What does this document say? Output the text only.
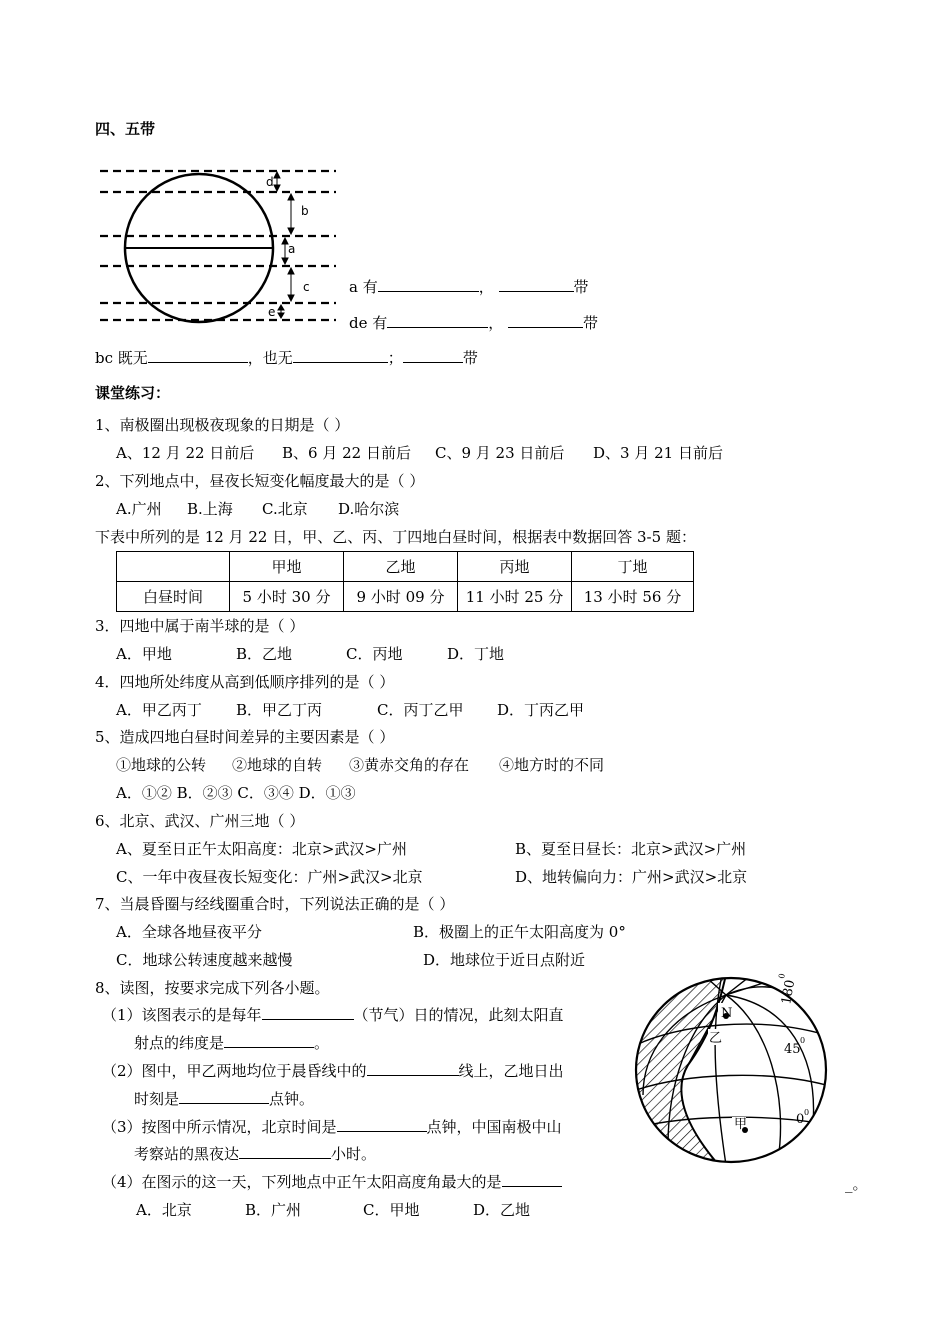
四、五带
d
b
a
c
e
a 有	，	带
de 有	，	带
bc 既无	，也无	；	带
课堂练习：
1、南极圈出现极夜现象的日期是（ ）
A、12 月 22 日前后 B、6 月 22 日前后 C、9 月 23 日前后 D、3 月 21 日前后
2、下列地点中，昼夜长短变化幅度最大的是（ ）
A.广州 B.上海 C.北京 D.哈尔滨
下表中所列的是 12 月 22 日，甲、乙、丙、丁四地白昼时间，根据表中数据回答 3-5 题：
	甲地	乙地	丙地	丁地
白昼时间	5 小时 30 分	9 小时 09 分	11 小时 25 分	13 小时 56 分
3．四地中属于南半球的是（ ）
A．甲地	B．乙地	C．丙地	D．丁地
4．四地所处纬度从高到低顺序排列的是（ ）
A．甲乙丙丁 B．甲乙丁丙	C．丙丁乙甲 D．丁丙乙甲
5、造成四地白昼时间差异的主要因素是（ ）
①地球的公转 ②地球的自转 ③黄赤交角的存在 ④地方时的不同
A．①② B．②③ C．③④ D．①③
6、北京、武汉、广州三地（ ）
A、夏至日正午太阳高度：北京>武汉>广州	B、夏至日昼长：北京>武汉>广州
C、一年中夜昼夜长短变化：广州>武汉>北京	D、地转偏向力：广州>武汉>北京
7、当晨昏圈与经线圈重合时，下列说法正确的是（ ）
A．全球各地昼夜平分	B．极圈上的正午太阳高度为 0°
C．地球公转速度越来越慢	D．地球位于近日点附近
8、读图，按要求完成下列各小题。
（1）该图表示的是每年	（节气）日的情况，此刻太阳直
射点的纬度是	。
（2）图中，甲乙两地均位于晨昏线中的	线上，乙地日出
时刻是	点钟。
（3）按图中所示情况，北京时间是	点钟，中国南极中山
考察站的黑夜达	小时。
（4）在图示的这一天，下列地点中正午太阳高度角最大的是	_。
A．北京	B．广州	C．甲地	D．乙地
N
乙
甲
45
0
0 0
180
0
